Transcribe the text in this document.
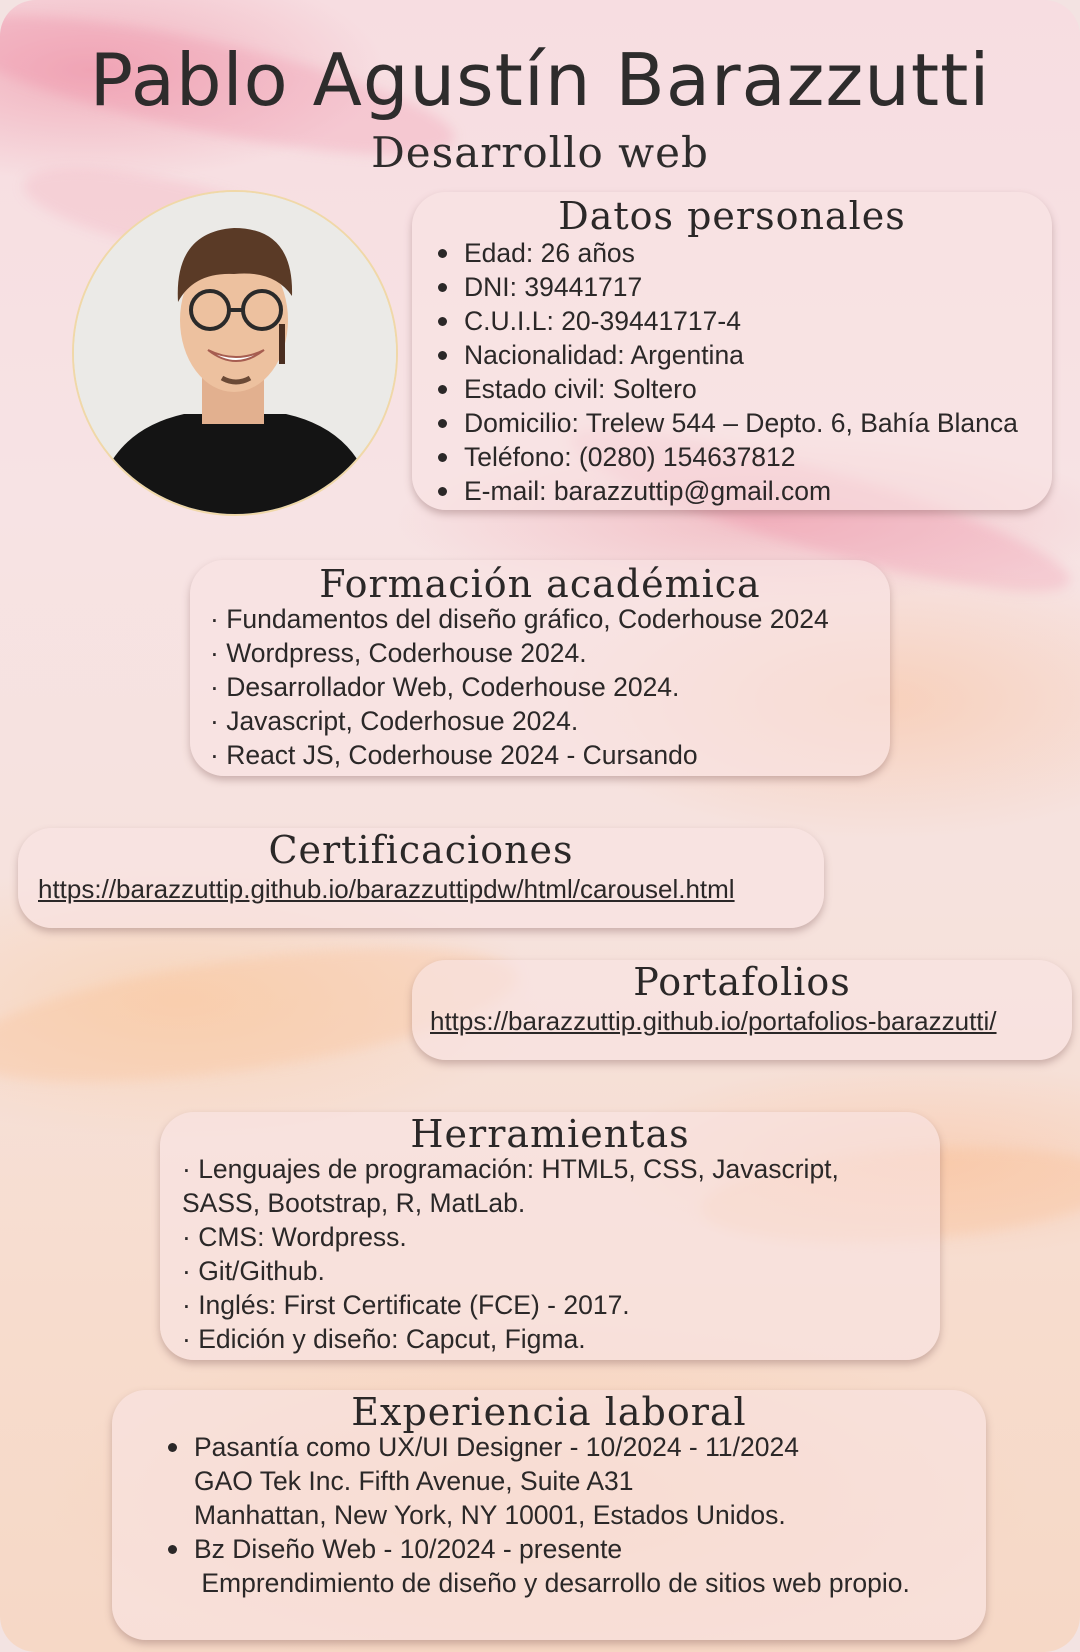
Pablo Agustín Barazzutti
Desarrollo web
Datos personales
Edad: 26 años
DNI: 39441717
C.U.I.L: 20-39441717-4
Nacionalidad: Argentina
Estado civil: Soltero
Domicilio: Trelew 544 – Depto. 6, Bahía Blanca
Teléfono: (0280) 154637812
E-mail: barazzuttip@gmail.com
Formación académica
· Fundamentos del diseño gráfico, Coderhouse 2024
· Wordpress, Coderhouse 2024.
· Desarrollador Web, Coderhouse 2024.
· Javascript, Coderhosue 2024.
· React JS, Coderhouse 2024 - Cursando
Certificaciones
https://barazzuttip.github.io/barazzuttipdw/html/carousel.html
Portafolios
https://barazzuttip.github.io/portafolios-barazzutti/
Herramientas
· Lenguajes de programación: HTML5, CSS, Javascript, SASS, Bootstrap, R, MatLab.
· CMS: Wordpress.
· Git/Github.
· Inglés: First Certificate (FCE) - 2017.
· Edición y diseño: Capcut, Figma.
Experiencia laboral
Pasantía como UX/UI Designer - 10/2024 - 11/2024
GAO Tek Inc. Fifth Avenue, Suite A31
Manhattan, New York, NY 10001, Estados Unidos.
Bz Diseño Web - 10/2024 - presente
Emprendimiento de diseño y desarrollo de sitios web propio.
